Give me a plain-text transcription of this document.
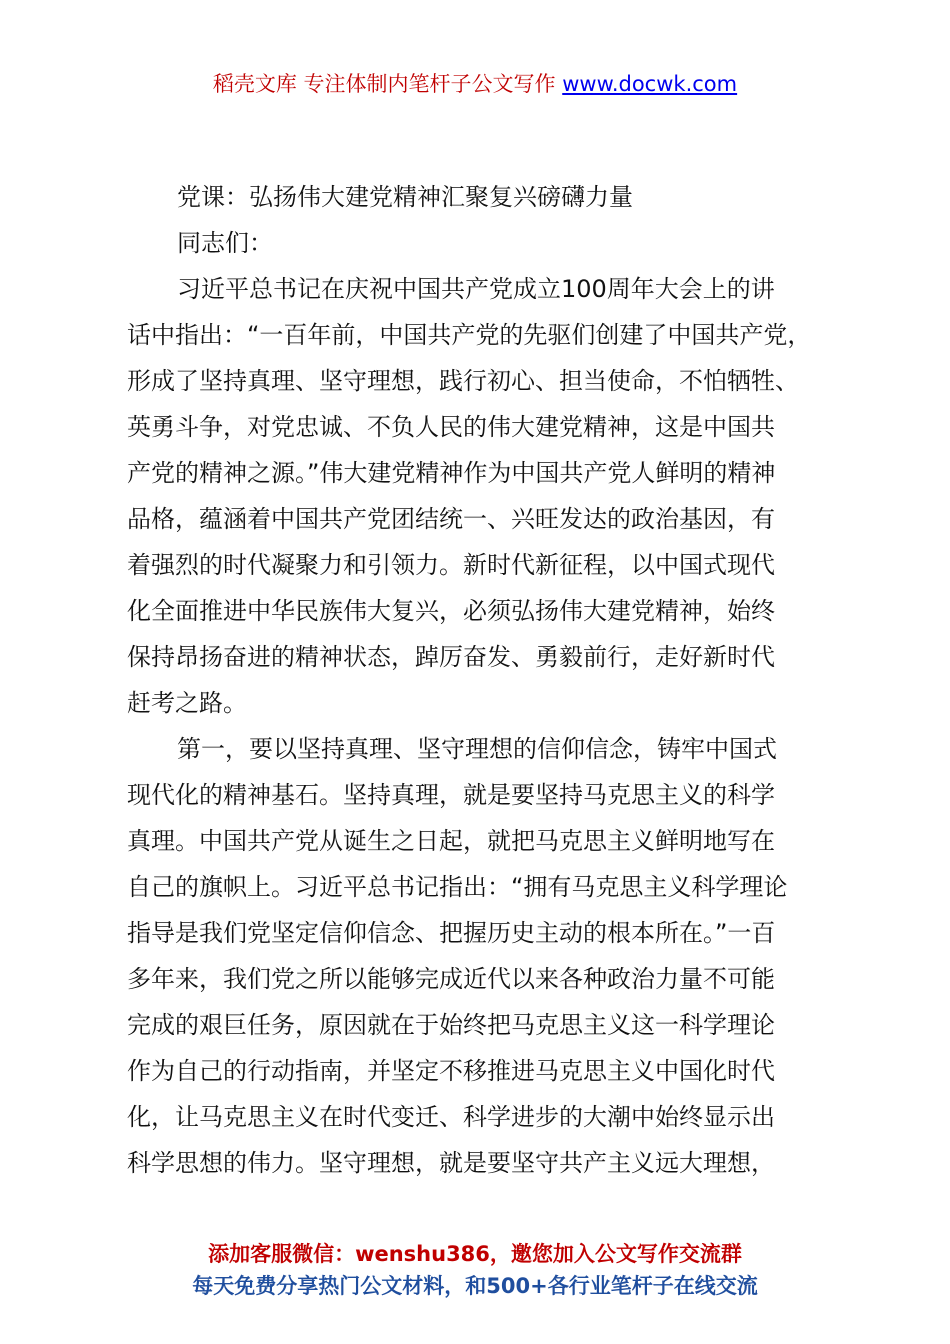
稻壳文库 专注体制内笔杆子公文写作 www.docwk.com
党课：弘扬伟大建党精神汇聚复兴磅礴力量
同志们：
习近平总书记在庆祝中国共产党成立100周年大会上的讲
话中指出：“一百年前，中国共产党的先驱们创建了中国共产党，
形成了坚持真理、坚守理想，践行初心、担当使命，不怕牺牲、
英勇斗争，对党忠诚、不负人民的伟大建党精神，这是中国共
产党的精神之源。”伟大建党精神作为中国共产党人鲜明的精神
品格，蕴涵着中国共产党团结统一、兴旺发达的政治基因，有
着强烈的时代凝聚力和引领力。新时代新征程，以中国式现代
化全面推进中华民族伟大复兴，必须弘扬伟大建党精神，始终
保持昂扬奋进的精神状态，踔厉奋发、勇毅前行，走好新时代
赶考之路。
第一，要以坚持真理、坚守理想的信仰信念，铸牢中国式
现代化的精神基石。坚持真理，就是要坚持马克思主义的科学
真理。中国共产党从诞生之日起，就把马克思主义鲜明地写在
自己的旗帜上。习近平总书记指出：“拥有马克思主义科学理论
指导是我们党坚定信仰信念、把握历史主动的根本所在。”一百
多年来，我们党之所以能够完成近代以来各种政治力量不可能
完成的艰巨任务，原因就在于始终把马克思主义这一科学理论
作为自己的行动指南，并坚定不移推进马克思主义中国化时代
化，让马克思主义在时代变迁、科学进步的大潮中始终显示出
科学思想的伟力。坚守理想，就是要坚守共产主义远大理想，
添加客服微信：wenshu386，邀您加入公文写作交流群
每天免费分享热门公文材料，和500+各行业笔杆子在线交流
